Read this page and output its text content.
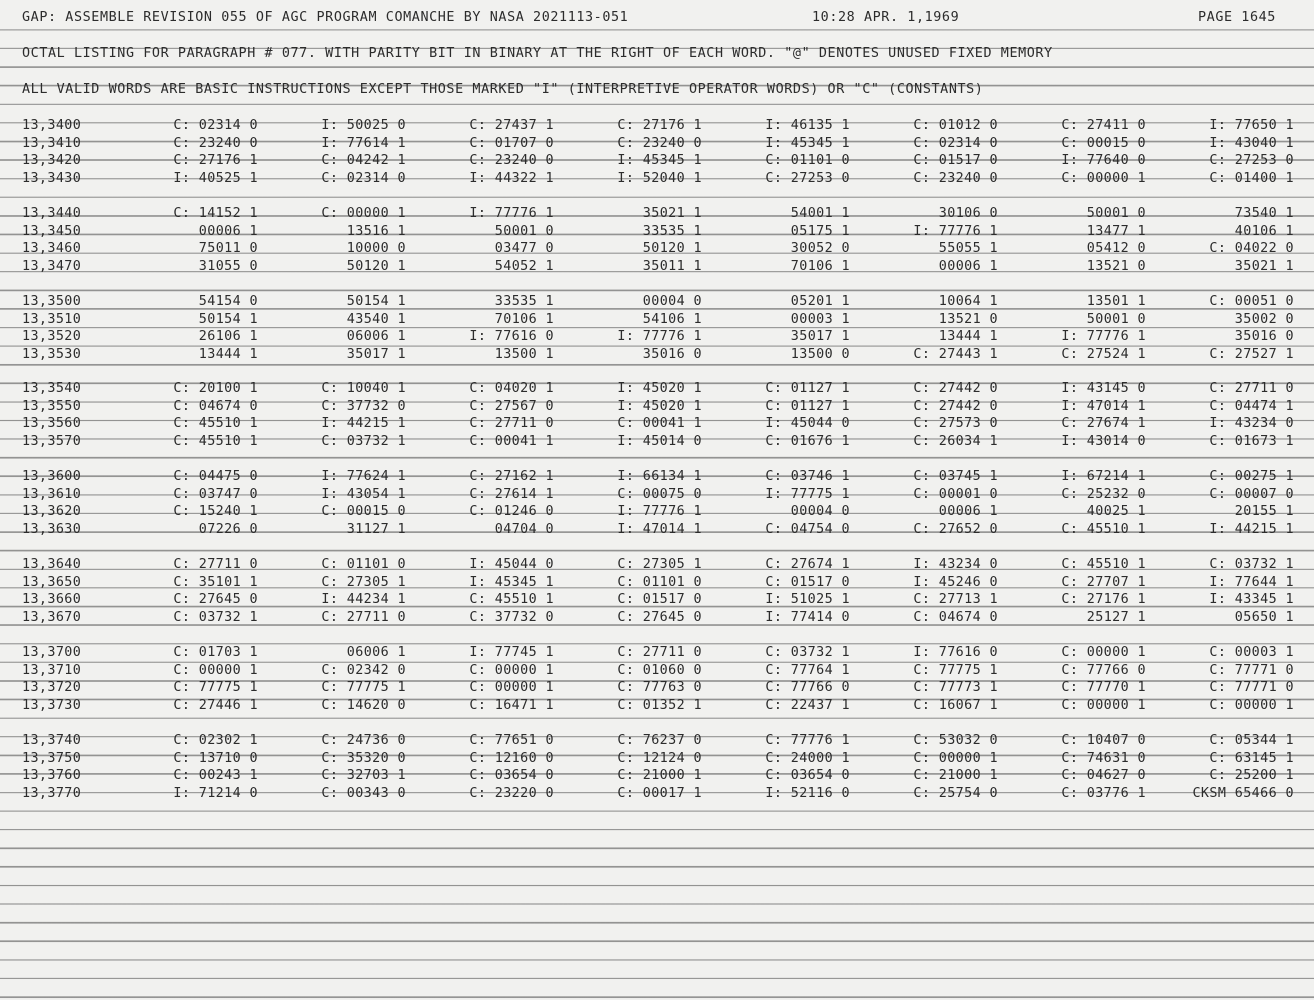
GAP: ASSEMBLE REVISION 055 OF AGC PROGRAM COMANCHE BY NASA 2021113-051	10:28 APR. 1,1969	PAGE 1645
OCTAL LISTING FOR PARAGRAPH # 077. WITH PARITY BIT IN BINARY AT THE RIGHT OF EACH WORD. "@" DENOTES UNUSED FIXED MEMORY
ALL VALID WORDS ARE BASIC INSTRUCTIONS EXCEPT THOSE MARKED "I" (INTERPRETIVE OPERATOR WORDS) OR "C" (CONSTANTS)
13,3400	C: 02314 0	I: 50025 0	C: 27437 1	C: 27176 1	I: 46135 1	C: 01012 0	C: 27411 0	I: 77650 1
13,3410	C: 23240 0	I: 77614 1	C: 01707 0	C: 23240 0	I: 45345 1	C: 02314 0	C: 00015 0	I: 43040 1
13,3420	C: 27176 1	C: 04242 1	C: 23240 0	I: 45345 1	C: 01101 0	C: 01517 0	I: 77640 0	C: 27253 0
13,3430	I: 40525 1	C: 02314 0	I: 44322 1	I: 52040 1	C: 27253 0	C: 23240 0	C: 00000 1	C: 01400 1
13,3440	C: 14152 1	C: 00000 1	I: 77776 1	35021 1	54001 1	30106 0	50001 0	73540 1
13,3450	00006 1	13516 1	50001 0	33535 1	05175 1	I: 77776 1	13477 1	40106 1
13,3460	75011 0	10000 0	03477 0	50120 1	30052 0	55055 1	05412 0	C: 04022 0
13,3470	31055 0	50120 1	54052 1	35011 1	70106 1	00006 1	13521 0	35021 1
13,3500	54154 0	50154 1	33535 1	00004 0	05201 1	10064 1	13501 1	C: 00051 0
13,3510	50154 1	43540 1	70106 1	54106 1	00003 1	13521 0	50001 0	35002 0
13,3520	26106 1	06006 1	I: 77616 0	I: 77776 1	35017 1	13444 1	I: 77776 1	35016 0
13,3530	13444 1	35017 1	13500 1	35016 0	13500 0	C: 27443 1	C: 27524 1	C: 27527 1
13,3540	C: 20100 1	C: 10040 1	C: 04020 1	I: 45020 1	C: 01127 1	C: 27442 0	I: 43145 0	C: 27711 0
13,3550	C: 04674 0	C: 37732 0	C: 27567 0	I: 45020 1	C: 01127 1	C: 27442 0	I: 47014 1	C: 04474 1
13,3560	C: 45510 1	I: 44215 1	C: 27711 0	C: 00041 1	I: 45044 0	C: 27573 0	C: 27674 1	I: 43234 0
13,3570	C: 45510 1	C: 03732 1	C: 00041 1	I: 45014 0	C: 01676 1	C: 26034 1	I: 43014 0	C: 01673 1
13,3600	C: 04475 0	I: 77624 1	C: 27162 1	I: 66134 1	C: 03746 1	C: 03745 1	I: 67214 1	C: 00275 1
13,3610	C: 03747 0	I: 43054 1	C: 27614 1	C: 00075 0	I: 77775 1	C: 00001 0	C: 25232 0	C: 00007 0
13,3620	C: 15240 1	C: 00015 0	C: 01246 0	I: 77776 1	00004 0	00006 1	40025 1	20155 1
13,3630	07226 0	31127 1	04704 0	I: 47014 1	C: 04754 0	C: 27652 0	C: 45510 1	I: 44215 1
13,3640	C: 27711 0	C: 01101 0	I: 45044 0	C: 27305 1	C: 27674 1	I: 43234 0	C: 45510 1	C: 03732 1
13,3650	C: 35101 1	C: 27305 1	I: 45345 1	C: 01101 0	C: 01517 0	I: 45246 0	C: 27707 1	I: 77644 1
13,3660	C: 27645 0	I: 44234 1	C: 45510 1	C: 01517 0	I: 51025 1	C: 27713 1	C: 27176 1	I: 43345 1
13,3670	C: 03732 1	C: 27711 0	C: 37732 0	C: 27645 0	I: 77414 0	C: 04674 0	25127 1	05650 1
13,3700	C: 01703 1	06006 1	I: 77745 1	C: 27711 0	C: 03732 1	I: 77616 0	C: 00000 1	C: 00003 1
13,3710	C: 00000 1	C: 02342 0	C: 00000 1	C: 01060 0	C: 77764 1	C: 77775 1	C: 77766 0	C: 77771 0
13,3720	C: 77775 1	C: 77775 1	C: 00000 1	C: 77763 0	C: 77766 0	C: 77773 1	C: 77770 1	C: 77771 0
13,3730	C: 27446 1	C: 14620 0	C: 16471 1	C: 01352 1	C: 22437 1	C: 16067 1	C: 00000 1	C: 00000 1
13,3740	C: 02302 1	C: 24736 0	C: 77651 0	C: 76237 0	C: 77776 1	C: 53032 0	C: 10407 0	C: 05344 1
13,3750	C: 13710 0	C: 35320 0	C: 12160 0	C: 12124 0	C: 24000 1	C: 00000 1	C: 74631 0	C: 63145 1
13,3760	C: 00243 1	C: 32703 1	C: 03654 0	C: 21000 1	C: 03654 0	C: 21000 1	C: 04627 0	C: 25200 1
13,3770	I: 71214 0	C: 00343 0	C: 23220 0	C: 00017 1	I: 52116 0	C: 25754 0	C: 03776 1	CKSM 65466 0
